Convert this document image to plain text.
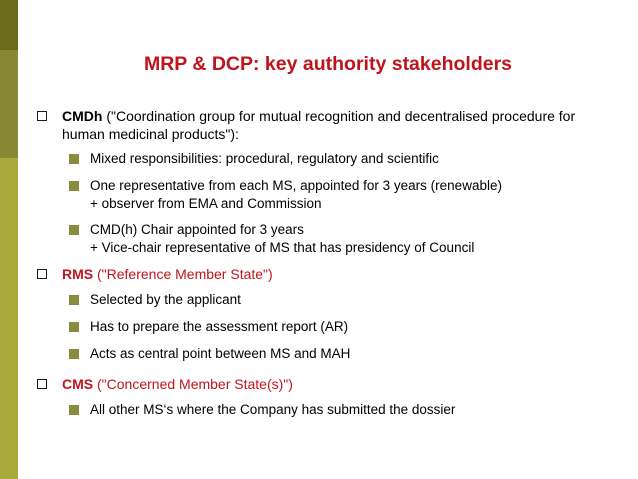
MRP & DCP: key authority stakeholders
CMDh ("Coordination group for mutual recognition and decentralised procedure for
human medicinal products"):
Mixed responsibilities: procedural, regulatory and scientific
One representative from each MS, appointed for 3 years (renewable)
+ observer from EMA and Commission
CMD(h) Chair appointed for 3 years
+ Vice-chair representative of MS that has presidency of Council
RMS ("Reference Member State")
Selected by the applicant
Has to prepare the assessment report (AR)
Acts as central point between MS and MAH
CMS ("Concerned Member State(s)")
All other MS‘s where the Company has submitted the dossier
